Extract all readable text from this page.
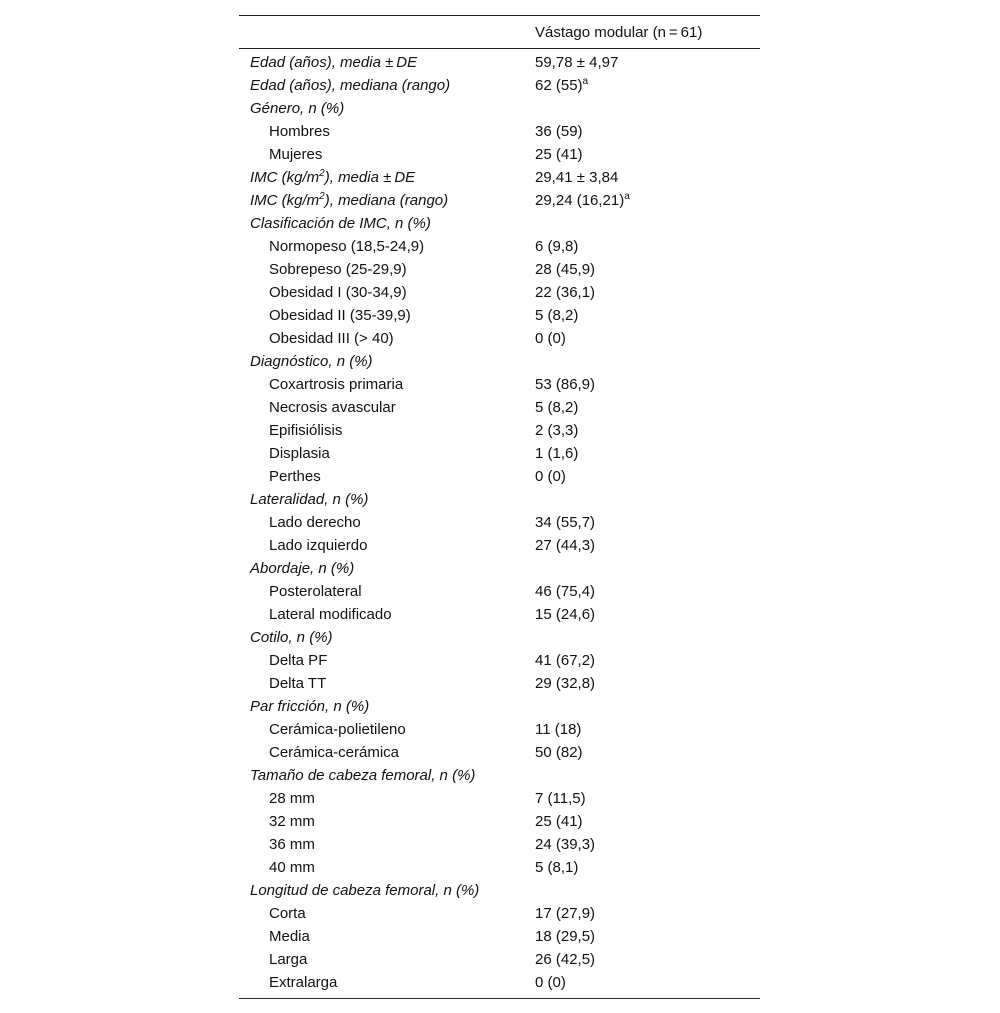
Vástago modular (n = 61)
Edad (años), media ± DE	59,78 ± 4,97
Edad (años), mediana (rango)	62 $(55)^a$
Género, n (%)
Hombres	36 (59)
Mujeres	25 (41)
IMC $(kg/m^2)$, media ± DE	29,41 ± 3,84
IMC $(kg/m^2)$, mediana (rango)	29,24 $(16,21)^a$
Clasificación de IMC, n (%)
Normopeso (18,5-24,9)	6 (9,8)
Sobrepeso (25-29,9)	28 (45,9)
Obesidad I (30-34,9)	22 (36,1)
Obesidad II (35-39,9)	5 (8,2)
Obesidad III (> 40)	0 (0)
Diagnóstico, n (%)
Coxartrosis primaria	53 (86,9)
Necrosis avascular	5 (8,2)
Epifisiólisis	2 (3,3)
Displasia	1 (1,6)
Perthes	0 (0)
Lateralidad, n (%)
Lado derecho	34 (55,7)
Lado izquierdo	27 (44,3)
Abordaje, n (%)
Posterolateral	46 (75,4)
Lateral modificado	15 (24,6)
Cotilo, n (%)
Delta PF	41 (67,2)
Delta TT	29 (32,8)
Par fricción, n (%)
Cerámica-polietileno	11 (18)
Cerámica-cerámica	50 (82)
Tamaño de cabeza femoral, n (%)
28 mm	7 (11,5)
32 mm	25 (41)
36 mm	24 (39,3)
40 mm	5 (8,1)
Longitud de cabeza femoral, n (%)
Corta	17 (27,9)
Media	18 (29,5)
Larga	26 (42,5)
Extralarga	0 (0)
